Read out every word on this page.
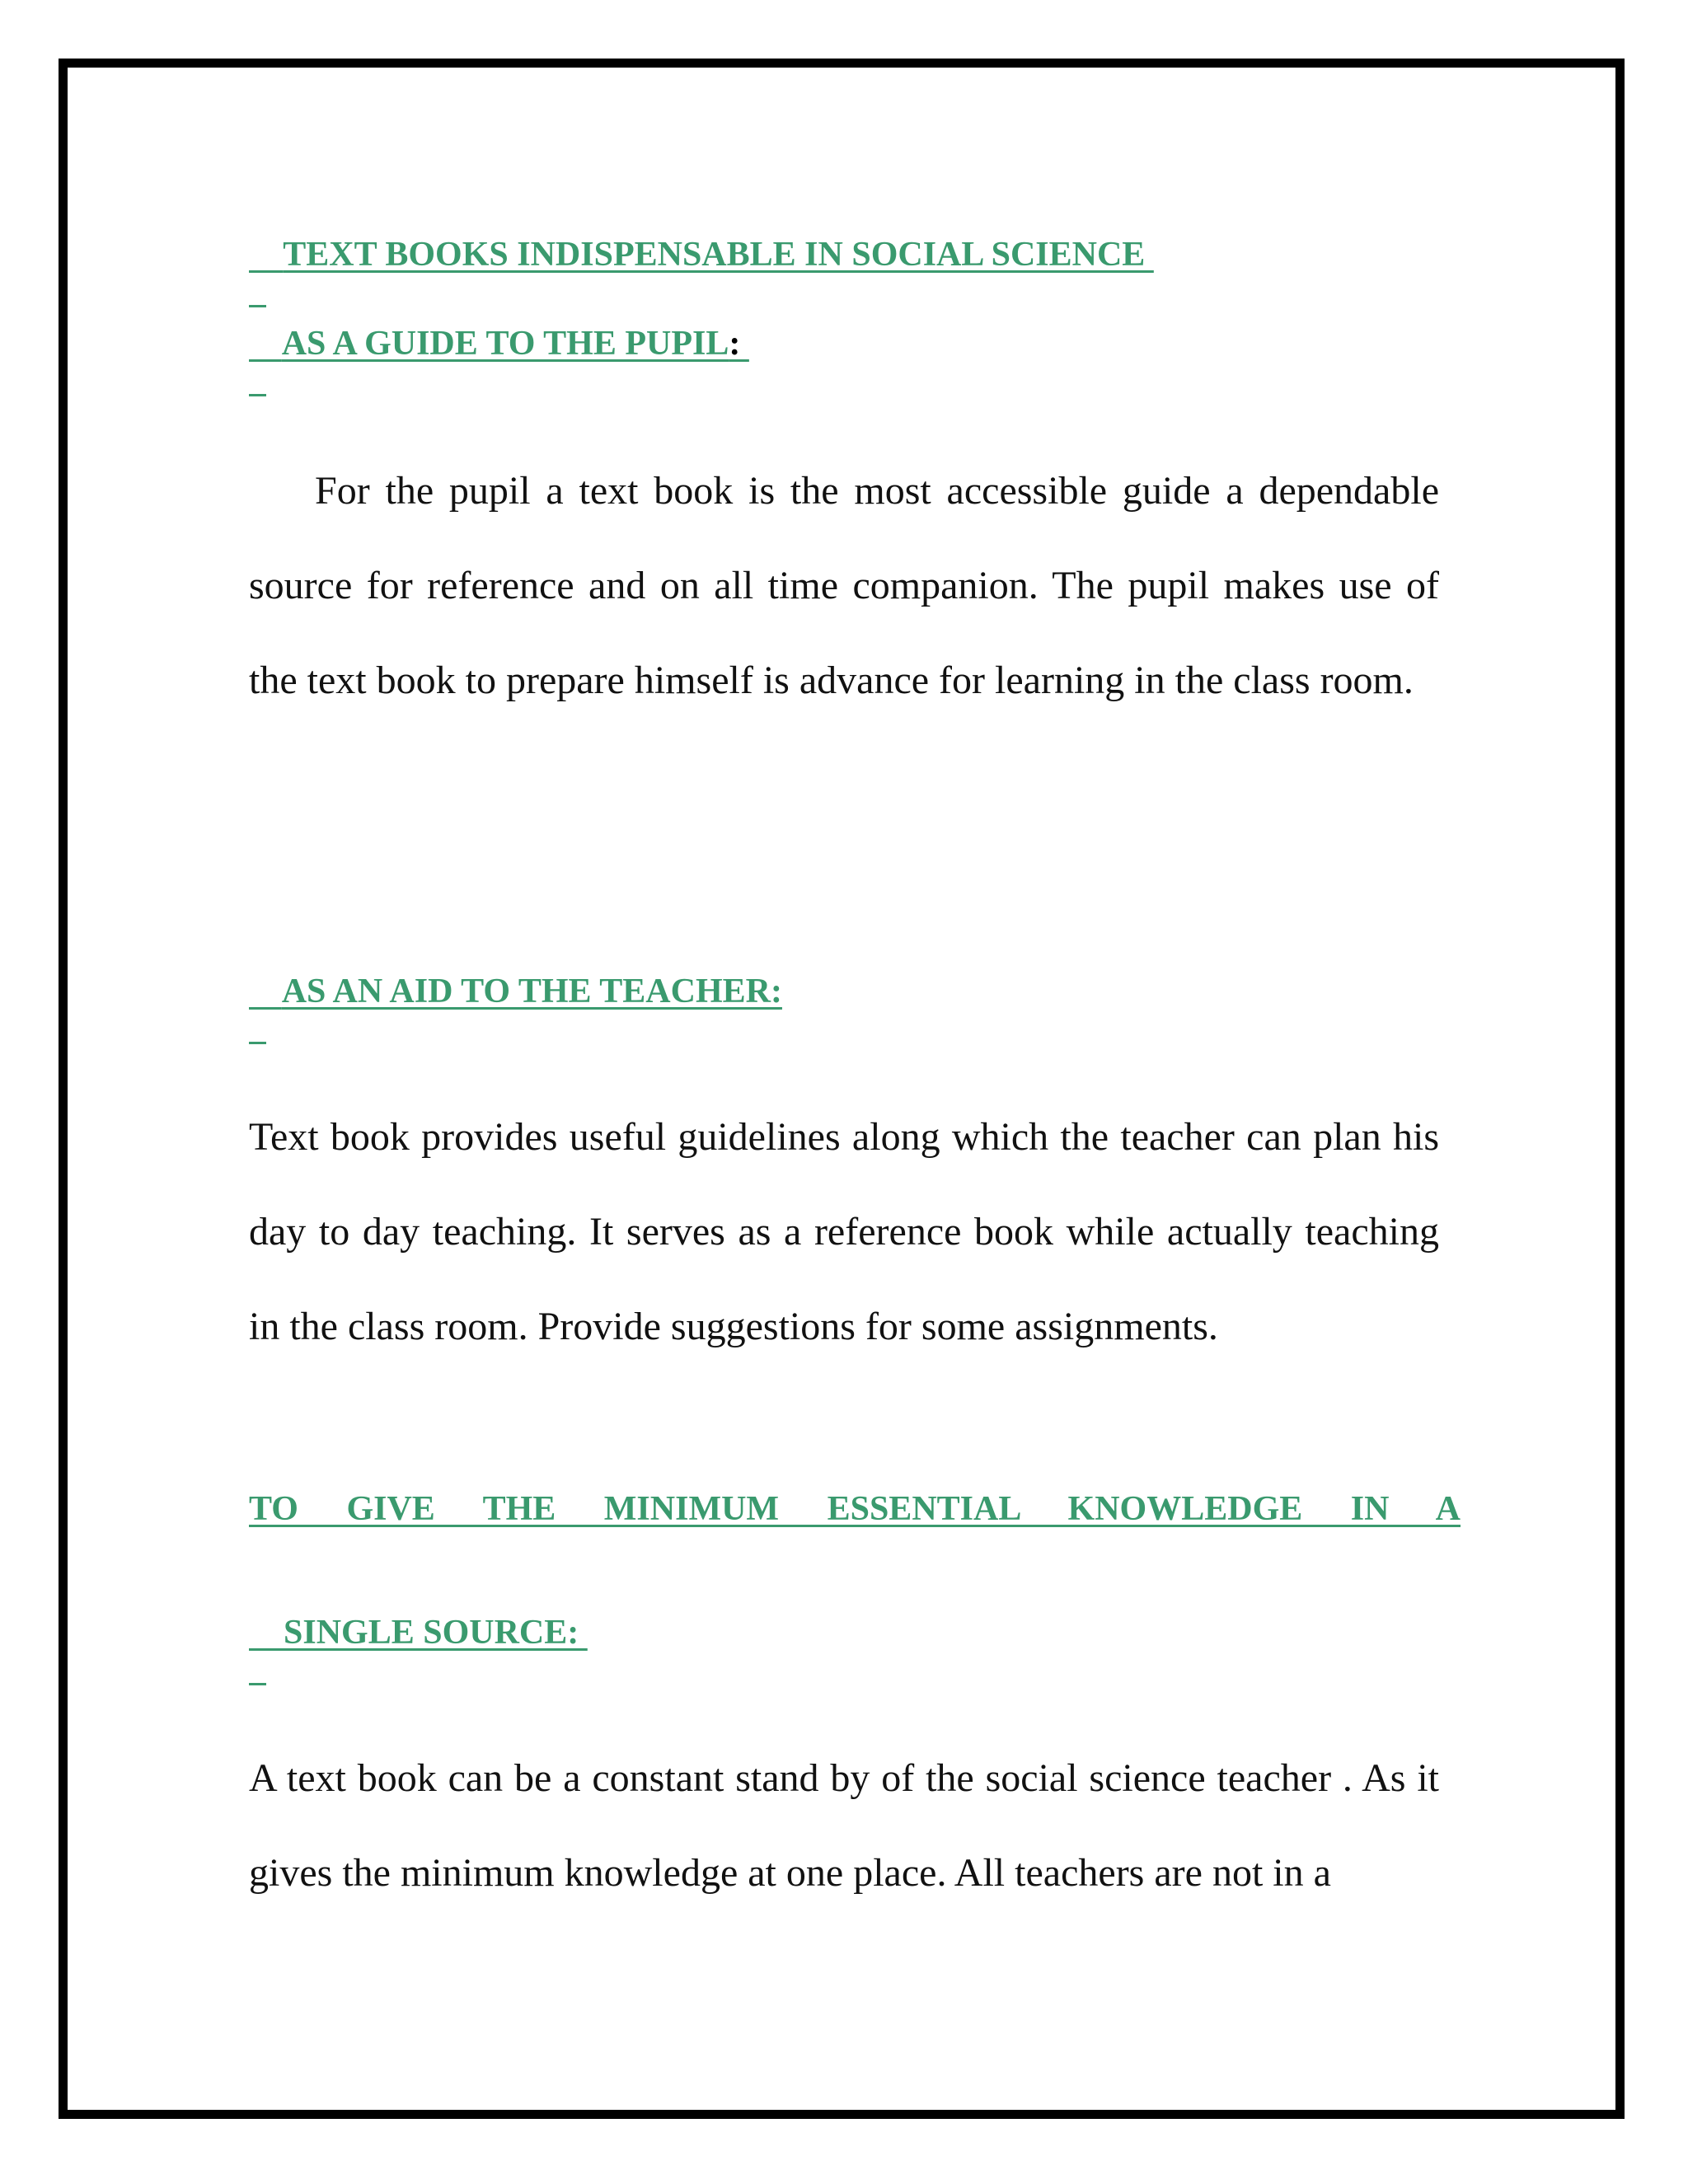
TEXT BOOKS INDISPENSABLE IN SOCIAL SCIENCE

AS A GUIDE TO THE PUPIL:

For the pupil a text book is the most accessible guide a dependable source for reference and on all time companion. The pupil makes use of the text book to prepare himself is advance for learning in the class room.

AS AN AID TO THE TEACHER:

Text book provides useful guidelines along which the teacher can plan his day to day teaching. It serves as a reference book while actually teaching in the class room. Provide suggestions for some assignments.

TO GIVE THE MINIMUM ESSENTIAL KNOWLEDGE IN A

SINGLE SOURCE:

A text book can be a constant stand by of the social science teacher . As it gives the minimum knowledge at one place. All teachers are not in a
